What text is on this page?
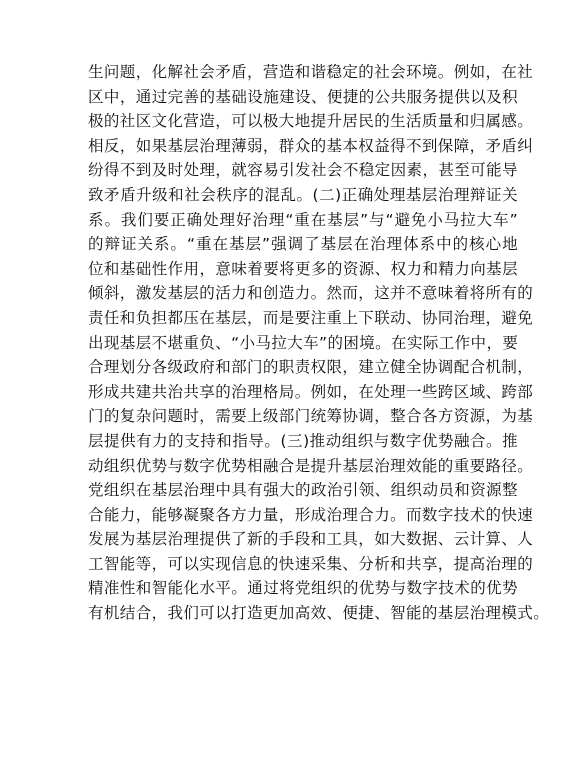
生问题，化解社会矛盾，营造和谐稳定的社会环境。例如，在社
区中，通过完善的基础设施建设、便捷的公共服务提供以及积
极的社区文化营造，可以极大地提升居民的生活质量和归属感。
相反，如果基层治理薄弱，群众的基本权益得不到保障，矛盾纠
纷得不到及时处理，就容易引发社会不稳定因素，甚至可能导
致矛盾升级和社会秩序的混乱。(二)正确处理基层治理辩证关
系。我们要正确处理好治理“重在基层”与“避免小马拉大车”
的辩证关系。“重在基层”强调了基层在治理体系中的核心地
位和基础性作用，意味着要将更多的资源、权力和精力向基层
倾斜，激发基层的活力和创造力。然而，这并不意味着将所有的
责任和负担都压在基层，而是要注重上下联动、协同治理，避免
出现基层不堪重负、“小马拉大车”的困境。在实际工作中，要
合理划分各级政府和部门的职责权限，建立健全协调配合机制，
形成共建共治共享的治理格局。例如，在处理一些跨区域、跨部
门的复杂问题时，需要上级部门统筹协调，整合各方资源，为基
层提供有力的支持和指导。(三)推动组织与数字优势融合。推
动组织优势与数字优势相融合是提升基层治理效能的重要路径。
党组织在基层治理中具有强大的政治引领、组织动员和资源整
合能力，能够凝聚各方力量，形成治理合力。而数字技术的快速
发展为基层治理提供了新的手段和工具，如大数据、云计算、人
工智能等，可以实现信息的快速采集、分析和共享，提高治理的
精准性和智能化水平。通过将党组织的优势与数字技术的优势
有机结合，我们可以打造更加高效、便捷、智能的基层治理模式。
